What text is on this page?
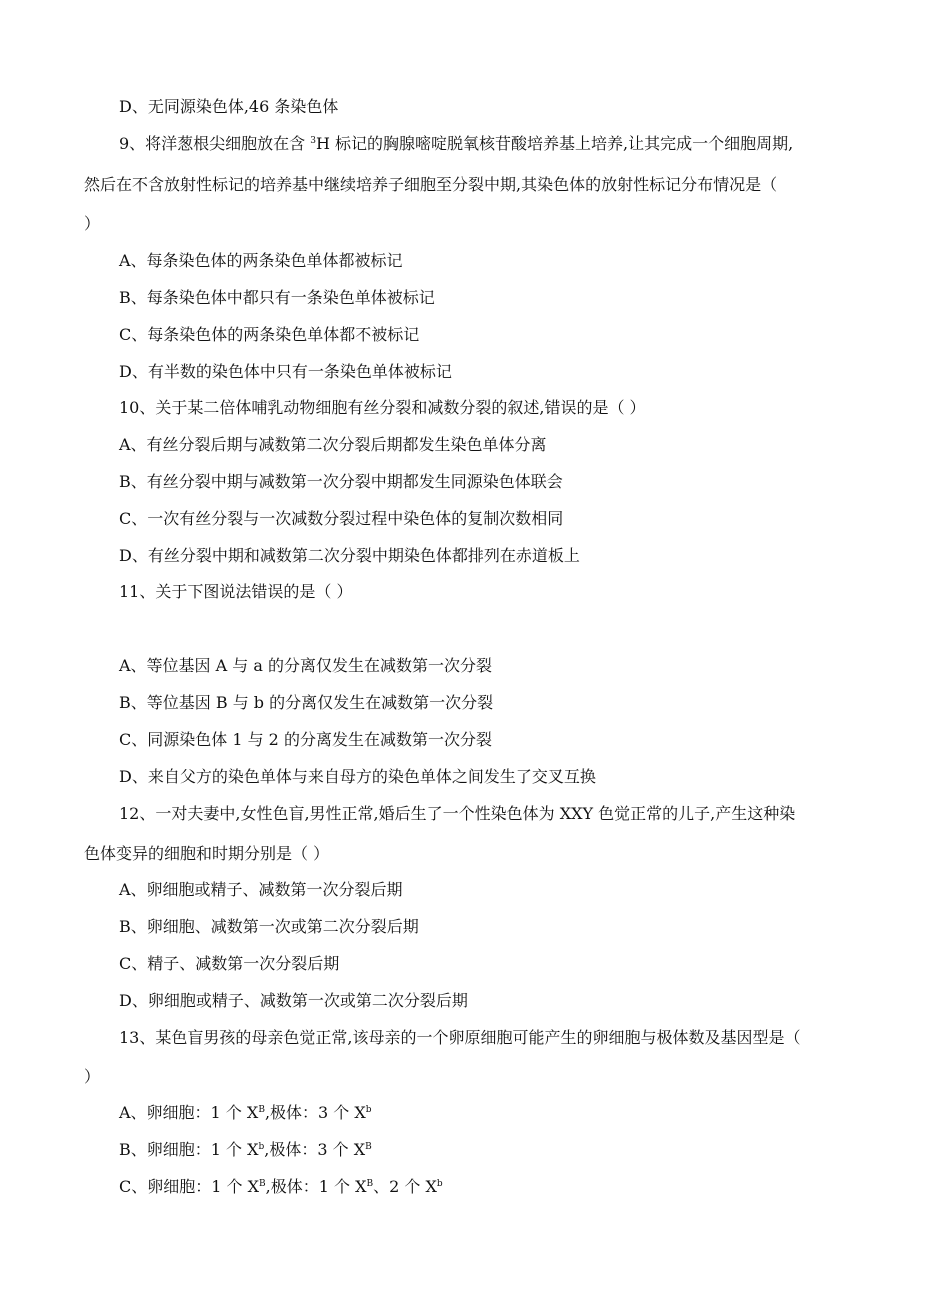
D、无同源染色体,46 条染色体
9、将洋葱根尖细胞放在含 $^3$H 标记的胸腺嘧啶脱氧核苷酸培养基上培养,让其完成一个细胞周期,
然后在不含放射性标记的培养基中继续培养子细胞至分裂中期,其染色体的放射性标记分布情况是（
）
A、每条染色体的两条染色单体都被标记
B、每条染色体中都只有一条染色单体被标记
C、每条染色体的两条染色单体都不被标记
D、有半数的染色体中只有一条染色单体被标记
10、关于某二倍体哺乳动物细胞有丝分裂和减数分裂的叙述,错误的是（ ）
A、有丝分裂后期与减数第二次分裂后期都发生染色单体分离
B、有丝分裂中期与减数第一次分裂中期都发生同源染色体联会
C、一次有丝分裂与一次减数分裂过程中染色体的复制次数相同
D、有丝分裂中期和减数第二次分裂中期染色体都排列在赤道板上
11、关于下图说法错误的是（ ）
A、等位基因 A 与 a 的分离仅发生在减数第一次分裂
B、等位基因 B 与 b 的分离仅发生在减数第一次分裂
C、同源染色体 1 与 2 的分离发生在减数第一次分裂
D、来自父方的染色单体与来自母方的染色单体之间发生了交叉互换
12、一对夫妻中,女性色盲,男性正常,婚后生了一个性染色体为 XXY 色觉正常的儿子,产生这种染
色体变异的细胞和时期分别是（ ）
A、卵细胞或精子、减数第一次分裂后期
B、卵细胞、减数第一次或第二次分裂后期
C、精子、减数第一次分裂后期
D、卵细胞或精子、减数第一次或第二次分裂后期
13、某色盲男孩的母亲色觉正常,该母亲的一个卵原细胞可能产生的卵细胞与极体数及基因型是（
）
A、卵细胞：1 个 $X^B$,极体：3 个 $X^b$
B、卵细胞：1 个 $X^b$,极体：3 个 $X^B$
C、卵细胞：1 个 $X^B$,极体：1 个 $X^B$、2 个 $X^b$
